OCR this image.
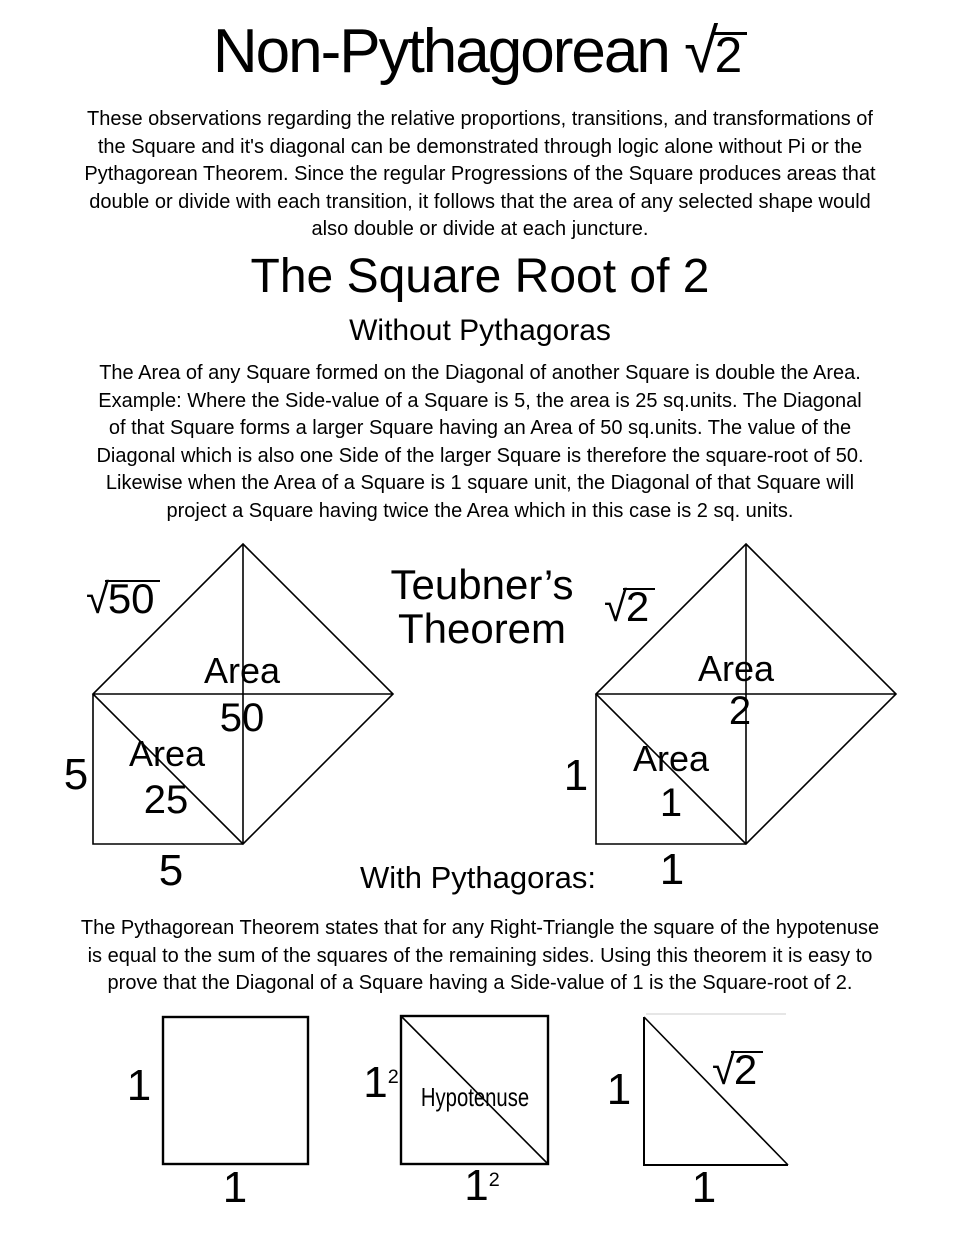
Non-Pythagorean √2
These observations regarding the relative proportions, transitions, and transformations of
the Square and it's diagonal can be demonstrated through logic alone without Pi or the
Pythagorean Theorem. Since the regular Progressions of the Square produces areas that
double or divide with each transition, it follows that the area of any selected shape would
also double or divide at each juncture.
The Square Root of 2
Without Pythagoras
The Area of any Square formed on the Diagonal of another Square is double the Area.
Example: Where the Side-value of a Square is 5, the area is 25 sq.units. The Diagonal
of that Square forms a larger Square having an Area of 50 sq.units. The value of the
Diagonal which is also one Side of the larger Square is therefore the square-root of 50.
Likewise when the Area of a Square is 1 square unit, the Diagonal of that Square will
project a Square having twice the Area which in this case is 2 sq. units.
√50
Area
50
Area
25
5
5
Teubner’s
Theorem √2
Area
2
Area
1
1
1
With Pythagoras:
The Pythagorean Theorem states that for any Right-Triangle the square of the hypotenuse
is equal to the sum of the squares of the remaining sides. Using this theorem it is easy to
prove that the Diagonal of a Square having a Side-value of 1 is the Square-root of 2.
1
1
$1^2$
Hypotenuse
$1^2$
1 √2
1
